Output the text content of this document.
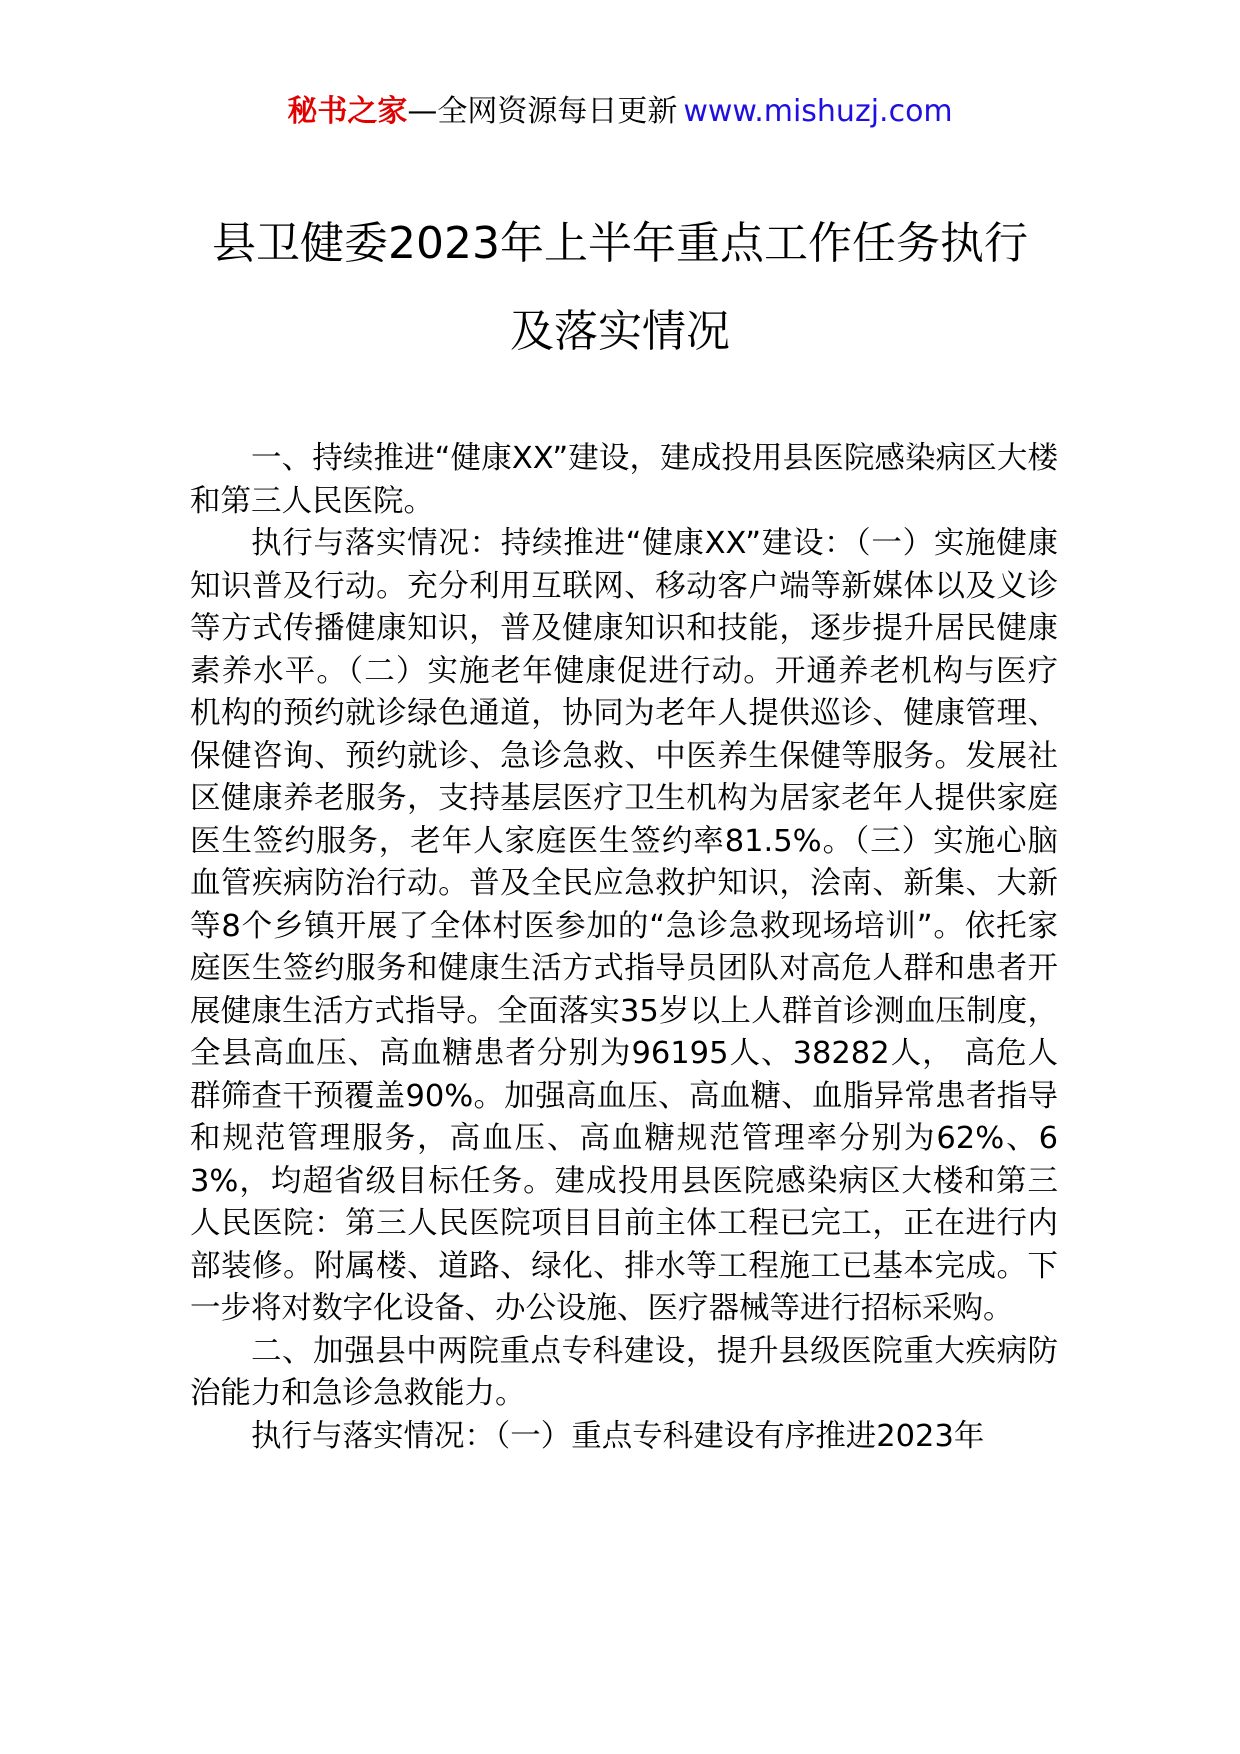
秘书之家—全网资源每日更新 www.mishuzj.com
县卫健委2023年上半年重点工作任务执行
及落实情况

一、持续推进“健康XX”建设，建成投用县医院感染病区大楼和第三人民医院。

执行与落实情况：持续推进“健康XX”建设：（一）实施健康知识普及行动。充分利用互联网、移动客户端等新媒体以及义诊等方式传播健康知识，普及健康知识和技能，逐步提升居民健康素养水平。（二）实施老年健康促进行动。开通养老机构与医疗机构的预约就诊绿色通道，协同为老年人提供巡诊、健康管理、保健咨询、预约就诊、急诊急救、中医养生保健等服务。发展社区健康养老服务，支持基层医疗卫生机构为居家老年人提供家庭医生签约服务，老年人家庭医生签约率81.5%。（三）实施心脑血管疾病防治行动。普及全民应急救护知识，浍南、新集、大新等8个乡镇开展了全体村医参加的“急诊急救现场培训”。依托家庭医生签约服务和健康生活方式指导员团队对高危人群和患者开展健康生活方式指导。全面落实35岁以上人群首诊测血压制度，全县高血压、高血糖患者分别为96195人、38282人， 高危人群筛查干预覆盖90%。加强高血压、高血糖、血脂异常患者指导和规范管理服务，高血压、高血糖规范管理率分别为62%、63%，均超省级目标任务。建成投用县医院感染病区大楼和第三人民医院：第三人民医院项目目前主体工程已完工，正在进行内部装修。附属楼、道路、绿化、排水等工程施工已基本完成。下一步将对数字化设备、办公设施、医疗器械等进行招标采购。

二、加强县中两院重点专科建设，提升县级医院重大疾病防治能力和急诊急救能力。

执行与落实情况：（一）重点专科建设有序推进2023年
